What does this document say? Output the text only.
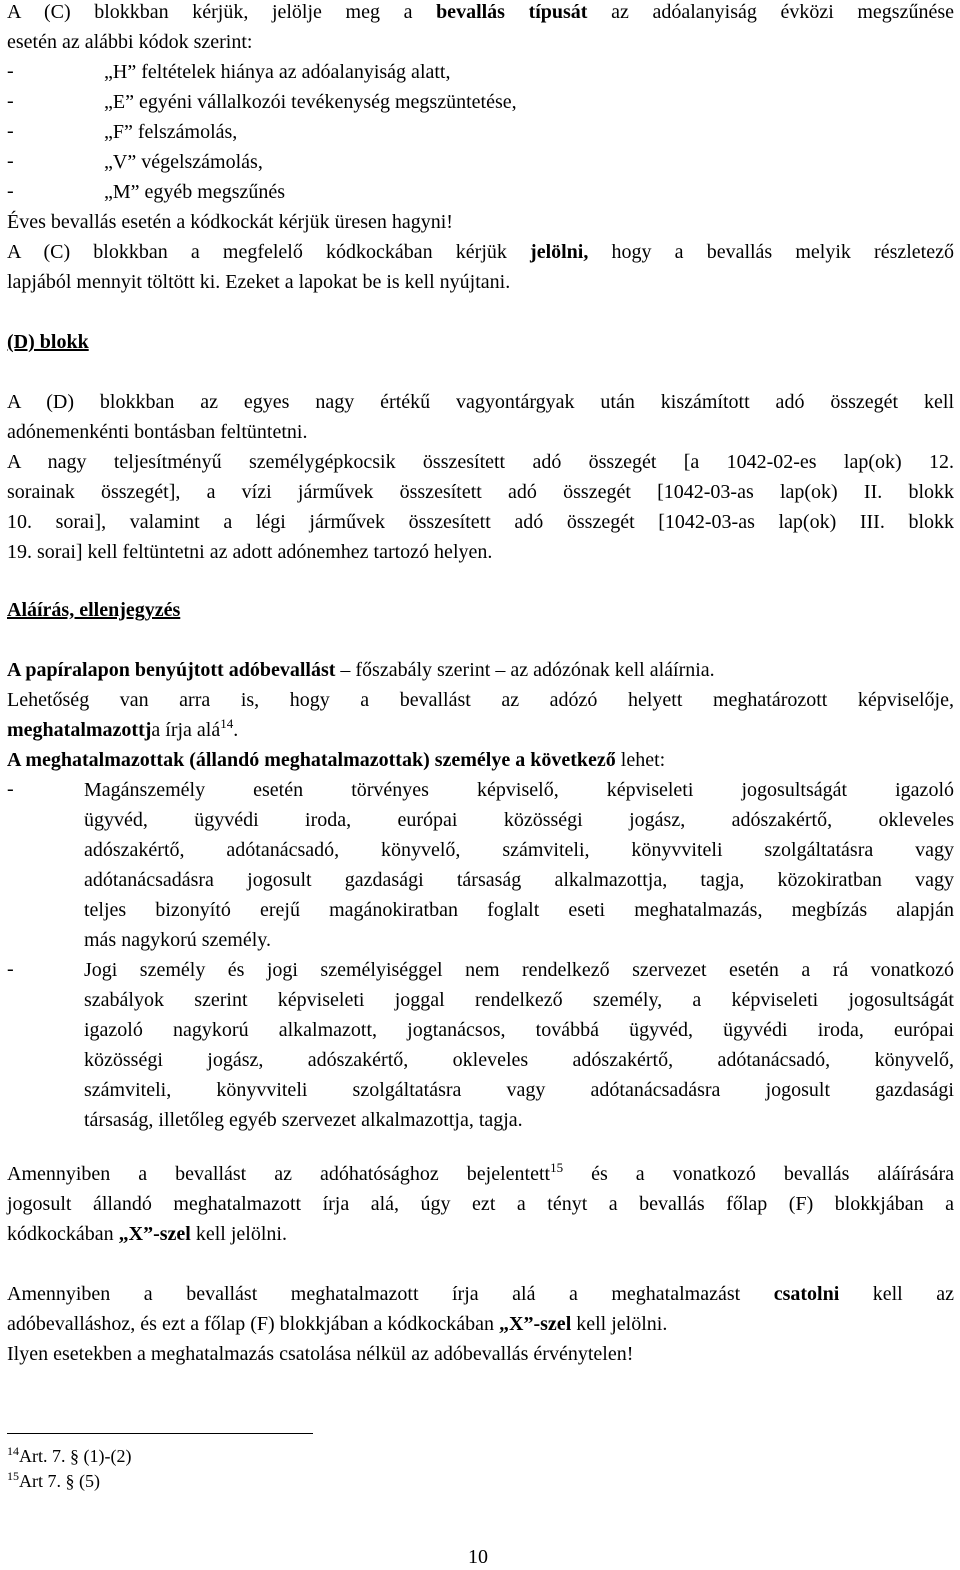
A (C) blokkban kérjük, jelölje meg a bevallás típusát az adóalanyiság évközi megszűnése
esetén az alábbi kódok szerint:
-	„H” feltételek hiánya az adóalanyiság alatt,
-	„E” egyéni vállalkozói tevékenység megszüntetése,
-	„F” felszámolás,
-	„V” végelszámolás,
-	„M” egyéb megszűnés
Éves bevallás esetén a kódkockát kérjük üresen hagyni!
A (C) blokkban a megfelelő kódkockában kérjük jelölni, hogy a bevallás melyik részletező
lapjából mennyit töltött ki. Ezeket a lapokat be is kell nyújtani.
(D) blokk
A (D) blokkban az egyes nagy értékű vagyontárgyak után kiszámított adó összegét kell
adónemenkénti bontásban feltüntetni.
A nagy teljesítményű személygépkocsik összesített adó összegét [a 1042-02-es lap(ok) 12.
sorainak összegét], a vízi járművek összesített adó összegét [1042-03-as lap(ok) II. blokk
10. sorai], valamint a légi járművek összesített adó összegét [1042-03-as lap(ok) III. blokk
19. sorai] kell feltüntetni az adott adónemhez tartozó helyen.
Aláírás, ellenjegyzés
A papíralapon benyújtott adóbevallást – főszabály szerint – az adózónak kell aláírnia.
Lehetőség van arra is, hogy a bevallást az adózó helyett meghatározott képviselője,
meghatalmazottja írja alá$^{14}$.
A meghatalmazottak (állandó meghatalmazottak) személye a következő lehet:
-	Magánszemély esetén törvényes képviselő, képviseleti jogosultságát igazoló
ügyvéd, ügyvédi iroda, európai közösségi jogász, adószakértő, okleveles
adószakértő, adótanácsadó, könyvelő, számviteli, könyvviteli szolgáltatásra vagy
adótanácsadásra jogosult gazdasági társaság alkalmazottja, tagja, közokiratban vagy
teljes bizonyító erejű magánokiratban foglalt eseti meghatalmazás, megbízás alapján
más nagykorú személy.
-	Jogi személy és jogi személyiséggel nem rendelkező szervezet esetén a rá vonatkozó
szabályok szerint képviseleti joggal rendelkező személy, a képviseleti jogosultságát
igazoló nagykorú alkalmazott, jogtanácsos, továbbá ügyvéd, ügyvédi iroda, európai
közösségi jogász, adószakértő, okleveles adószakértő, adótanácsadó, könyvelő,
számviteli, könyvviteli szolgáltatásra vagy adótanácsadásra jogosult gazdasági
társaság, illetőleg egyéb szervezet alkalmazottja, tagja.
Amennyiben a bevallást az adóhatósághoz bejelentett$^{15}$ és a vonatkozó bevallás aláírására
jogosult állandó meghatalmazott írja alá, úgy ezt a tényt a bevallás főlap (F) blokkjában a
kódkockában „X”-szel kell jelölni.
Amennyiben a bevallást meghatalmazott írja alá a meghatalmazást csatolni kell az
adóbevalláshoz, és ezt a főlap (F) blokkjában a kódkockában „X”-szel kell jelölni.
Ilyen esetekben a meghatalmazás csatolása nélkül az adóbevallás érvénytelen!
$^{14}$Art. 7. § (1)-(2)
$^{15}$Art 7. § (5)
10
